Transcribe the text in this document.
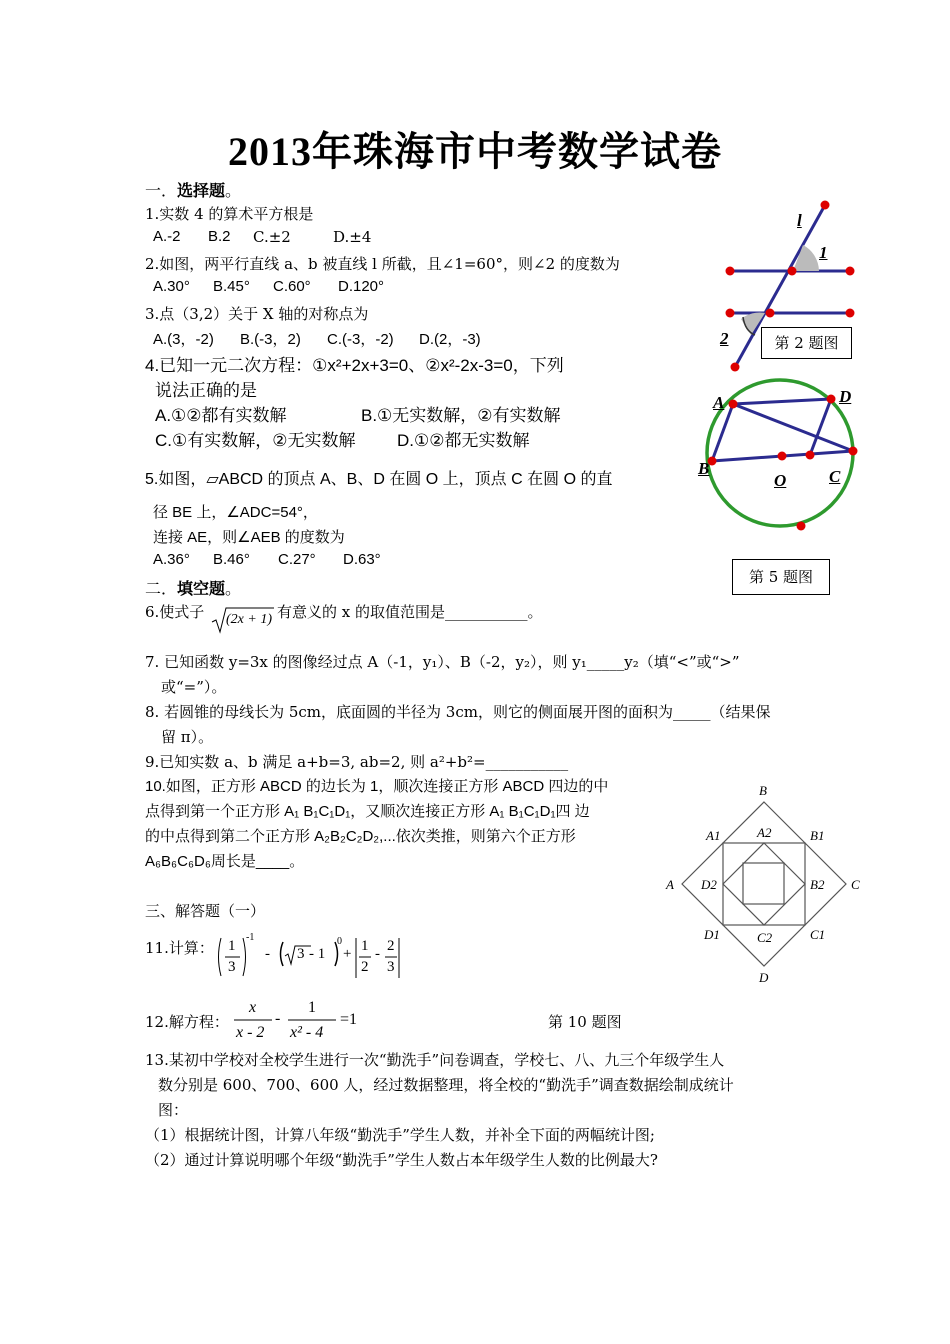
2013年珠海市中考数学试卷
一．选择题。
1.实数 4 的算术平方根是
A.-2 B.2 C.±2	D.±4
2.如图，两平行直线 a、b 被直线 l 所截，且∠1=60°，则∠2 的度数为
A.30° B.45° C.60° D.120°
3.点（3,2）关于 X 轴的对称点为
A.(3，-2) B.(-3，2) C.(-3，-2) D.(2，-3)
4.已知一元二次方程：①x²+2x+3=0、②x²-2x-3=0，下列
说法正确的是
A.①②都有实数解	B.①无实数解，②有实数解
C.①有实数解，②无实数解 D.①②都无实数解
5.如图，▱ABCD 的顶点 A、B、D 在圆 O 上，顶点 C 在圆 O 的直
径 BE 上，∠ADC=54°，
连接 AE，则∠AEB 的度数为
A.36° B.46° C.27° D.63°
二．填空题。
6.使式子 (2x + 1) 有意义的 x 的取值范围是___________。
7. 已知函数 y=3x 的图像经过点 A（-1，y₁）、B（-2，y₂），则 y₁_____y₂（填“<”或“>”
或“=”）。
8. 若圆锥的母线长为 5cm，底面圆的半径为 3cm，则它的侧面展开图的面积为_____（结果保
留 π）。
9.已知实数 a、b 满足 a+b=3, ab=2, 则 a²+b²=___________
10.如图，正方形 ABCD 的边长为 1，顺次连接正方形 ABCD 四边的中
点得到第一个正方形 A₁ B₁C₁D₁，又顺次连接正方形 A₁ B₁C₁D₁四 边
的中点得到第二个正方形 A₂B₂C₂D₂,...依次类推，则第六个正方形
A₆B₆C₆D₆周长是____。
三、解答题（一）
11.计算： 1
3
-1
- 3 - 1
0
+ 1
2
- 2
3
12.解方程：
x
x - 2
-
1
x² - 4
=1
13.某初中学校对全校学生进行一次“勤洗手”问卷调查，学校七、八、九三个年级学生人
数分别是 600、700、600 人，经过数据整理，将全校的“勤洗手”调查数据绘制成统计
图：
（1）根据统计图，计算八年级“勤洗手”学生人数，并补全下面的两幅统计图;
（2）通过计算说明哪个年级“勤洗手”学生人数占本年级学生人数的比例最大?
l
1
2	第 2 题图
A	D
B
O	C
第 5 题图
B
A	C
D
A1	B1
C1
D1
A2
B2
C2
D2
第 10 题图
